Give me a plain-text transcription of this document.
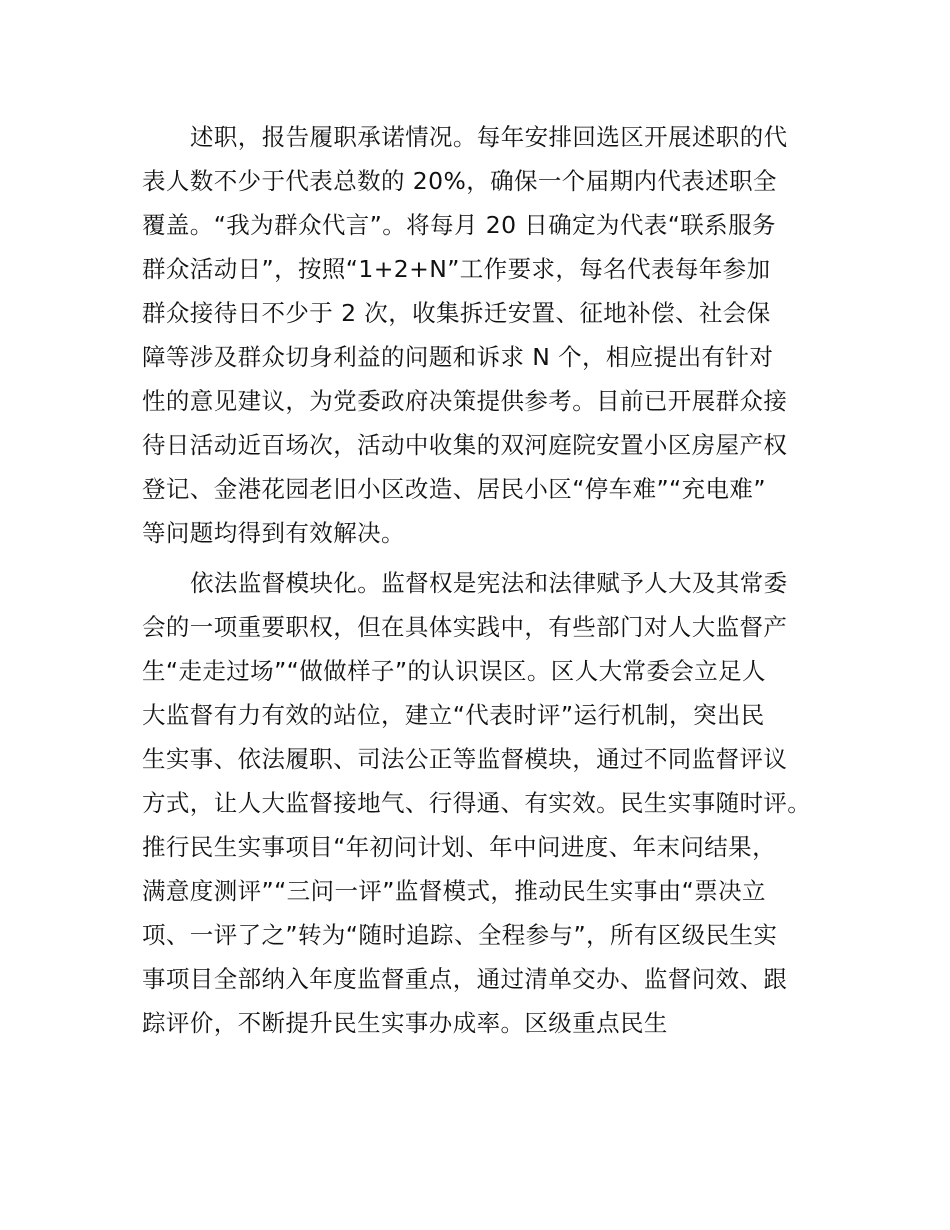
述职，报告履职承诺情况。每年安排回选区开展述职的代

表人数不少于代表总数的 20%，确保一个届期内代表述职全

覆盖。“我为群众代言”。将每月 20 日确定为代表“联系服务

群众活动日”，按照“1+2+N”工作要求，每名代表每年参加

群众接待日不少于 2 次，收集拆迁安置、征地补偿、社会保

障等涉及群众切身利益的问题和诉求 N 个，相应提出有针对

性的意见建议，为党委政府决策提供参考。目前已开展群众接

待日活动近百场次，活动中收集的双河庭院安置小区房屋产权

登记、金港花园老旧小区改造、居民小区“停车难”“充电难”

等问题均得到有效解决。

依法监督模块化。监督权是宪法和法律赋予人大及其常委

会的一项重要职权，但在具体实践中，有些部门对人大监督产

生“走走过场”“做做样子”的认识误区。区人大常委会立足人

大监督有力有效的站位，建立“代表时评”运行机制，突出民

生实事、依法履职、司法公正等监督模块，通过不同监督评议

方式，让人大监督接地气、行得通、有实效。民生实事随时评。

推行民生实事项目“年初问计划、年中问进度、年末问结果，

满意度测评”“三问一评”监督模式，推动民生实事由“票决立

项、一评了之”转为“随时追踪、全程参与”，所有区级民生实

事项目全部纳入年度监督重点，通过清单交办、监督问效、跟

踪评价，不断提升民生实事办成率。区级重点民生
